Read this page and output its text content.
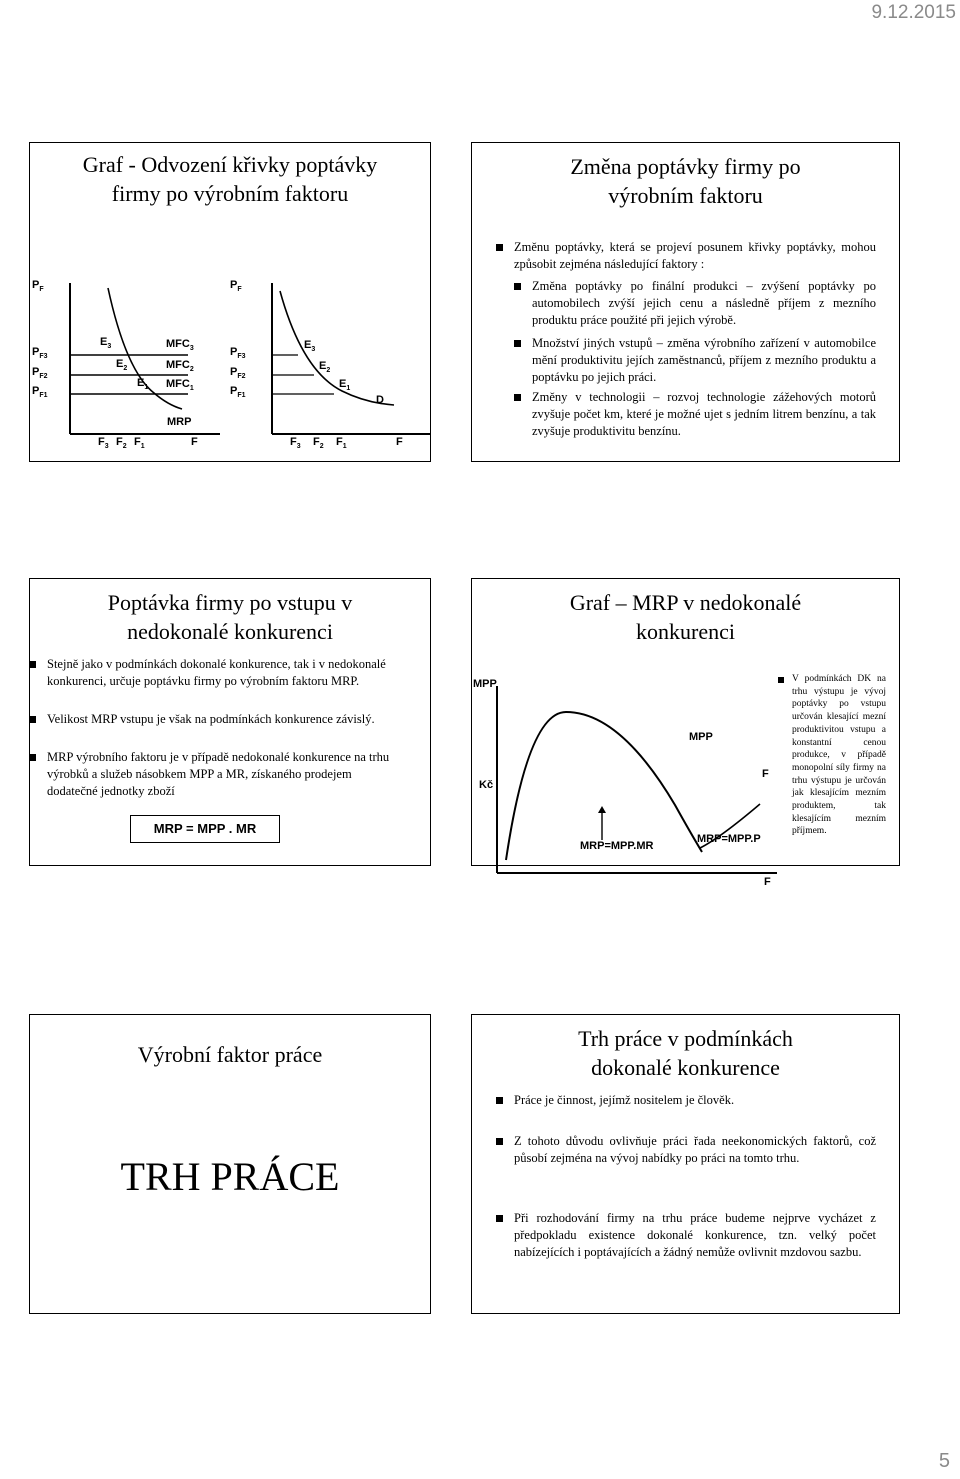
9.12.2015
Graf - Odvození křivky poptávky
firmy po výrobním faktoru
$P_F$
$P_{F3}$
$P_{F2}$
$P_{F1}$
$E_3$
$E_2$
$E_1$
$MFC_3$
$MFC_2$
$MFC_1$
MRP
$F_3$ $F_2$ $F_1$	F
$P_F$
$P_{F3}$
$P_{F2}$
$P_{F1}$
$E_3$
$E_2$
$E_1$
D
$F_3$ $F_2$ $F_1$	F
Změna poptávky firmy po
výrobním faktoru
Změnu poptávky, která se projeví posunem křivky poptávky, mohou způsobit zejména následující faktory :
Změna poptávky po finální produkci – zvýšení poptávky po automobilech zvýší jejich cenu a následně příjem z mezního produktu práce použité při jejich výrobě.
Množství jiných vstupů – změna výrobního zařízení v automobilce mění produktivitu jejích zaměstnanců, příjem z mezního produktu a poptávku po jejich práci.
Změny v technologii – rozvoj technologie zážehových motorů zvyšuje počet km, které je možné ujet s jedním litrem benzínu, a tak zvyšuje produktivitu benzínu.
Poptávka firmy po vstupu v
nedokonalé konkurenci
Stejně jako v podmínkách dokonalé konkurence, tak i v nedokonalé konkurenci, určuje poptávku firmy po výrobním faktoru MRP.
Velikost MRP vstupu je však na podmínkách konkurence závislý.
MRP výrobního faktoru je v případě nedokonalé konkurence na trhu výrobků a služeb násobkem MPP a MR, získaného prodejem dodatečné jednotky zboží
MRP = MPP . MR
Graf – MRP v nedokonalé
konkurenci
V podmínkách DK na trhu výstupu je vývoj poptávky po vstupu určován klesající mezní produktivitou vstupu a konstantní cenou produkce, v případě monopolní síly firmy na trhu výstupu je určován jak klesajícím mezním produktem, tak klesajícím mezním příjmem.
MPP
Kč
MPP
F
MRP=MPP.MR
MRP=MPP.P
F
Výrobní faktor práce
TRH PRÁCE
Trh práce v podmínkách
dokonalé konkurence
Práce je činnost, jejímž nositelem je člověk.
Z tohoto důvodu ovlivňuje práci řada neekonomických faktorů, což působí zejména na vývoj nabídky po práci na tomto trhu.
Při rozhodování firmy na trhu práce budeme nejprve vycházet z předpokladu existence dokonalé konkurence, tzn. velký počet nabízejících i poptávajících a žádný nemůže ovlivnit mzdovou sazbu.
5
